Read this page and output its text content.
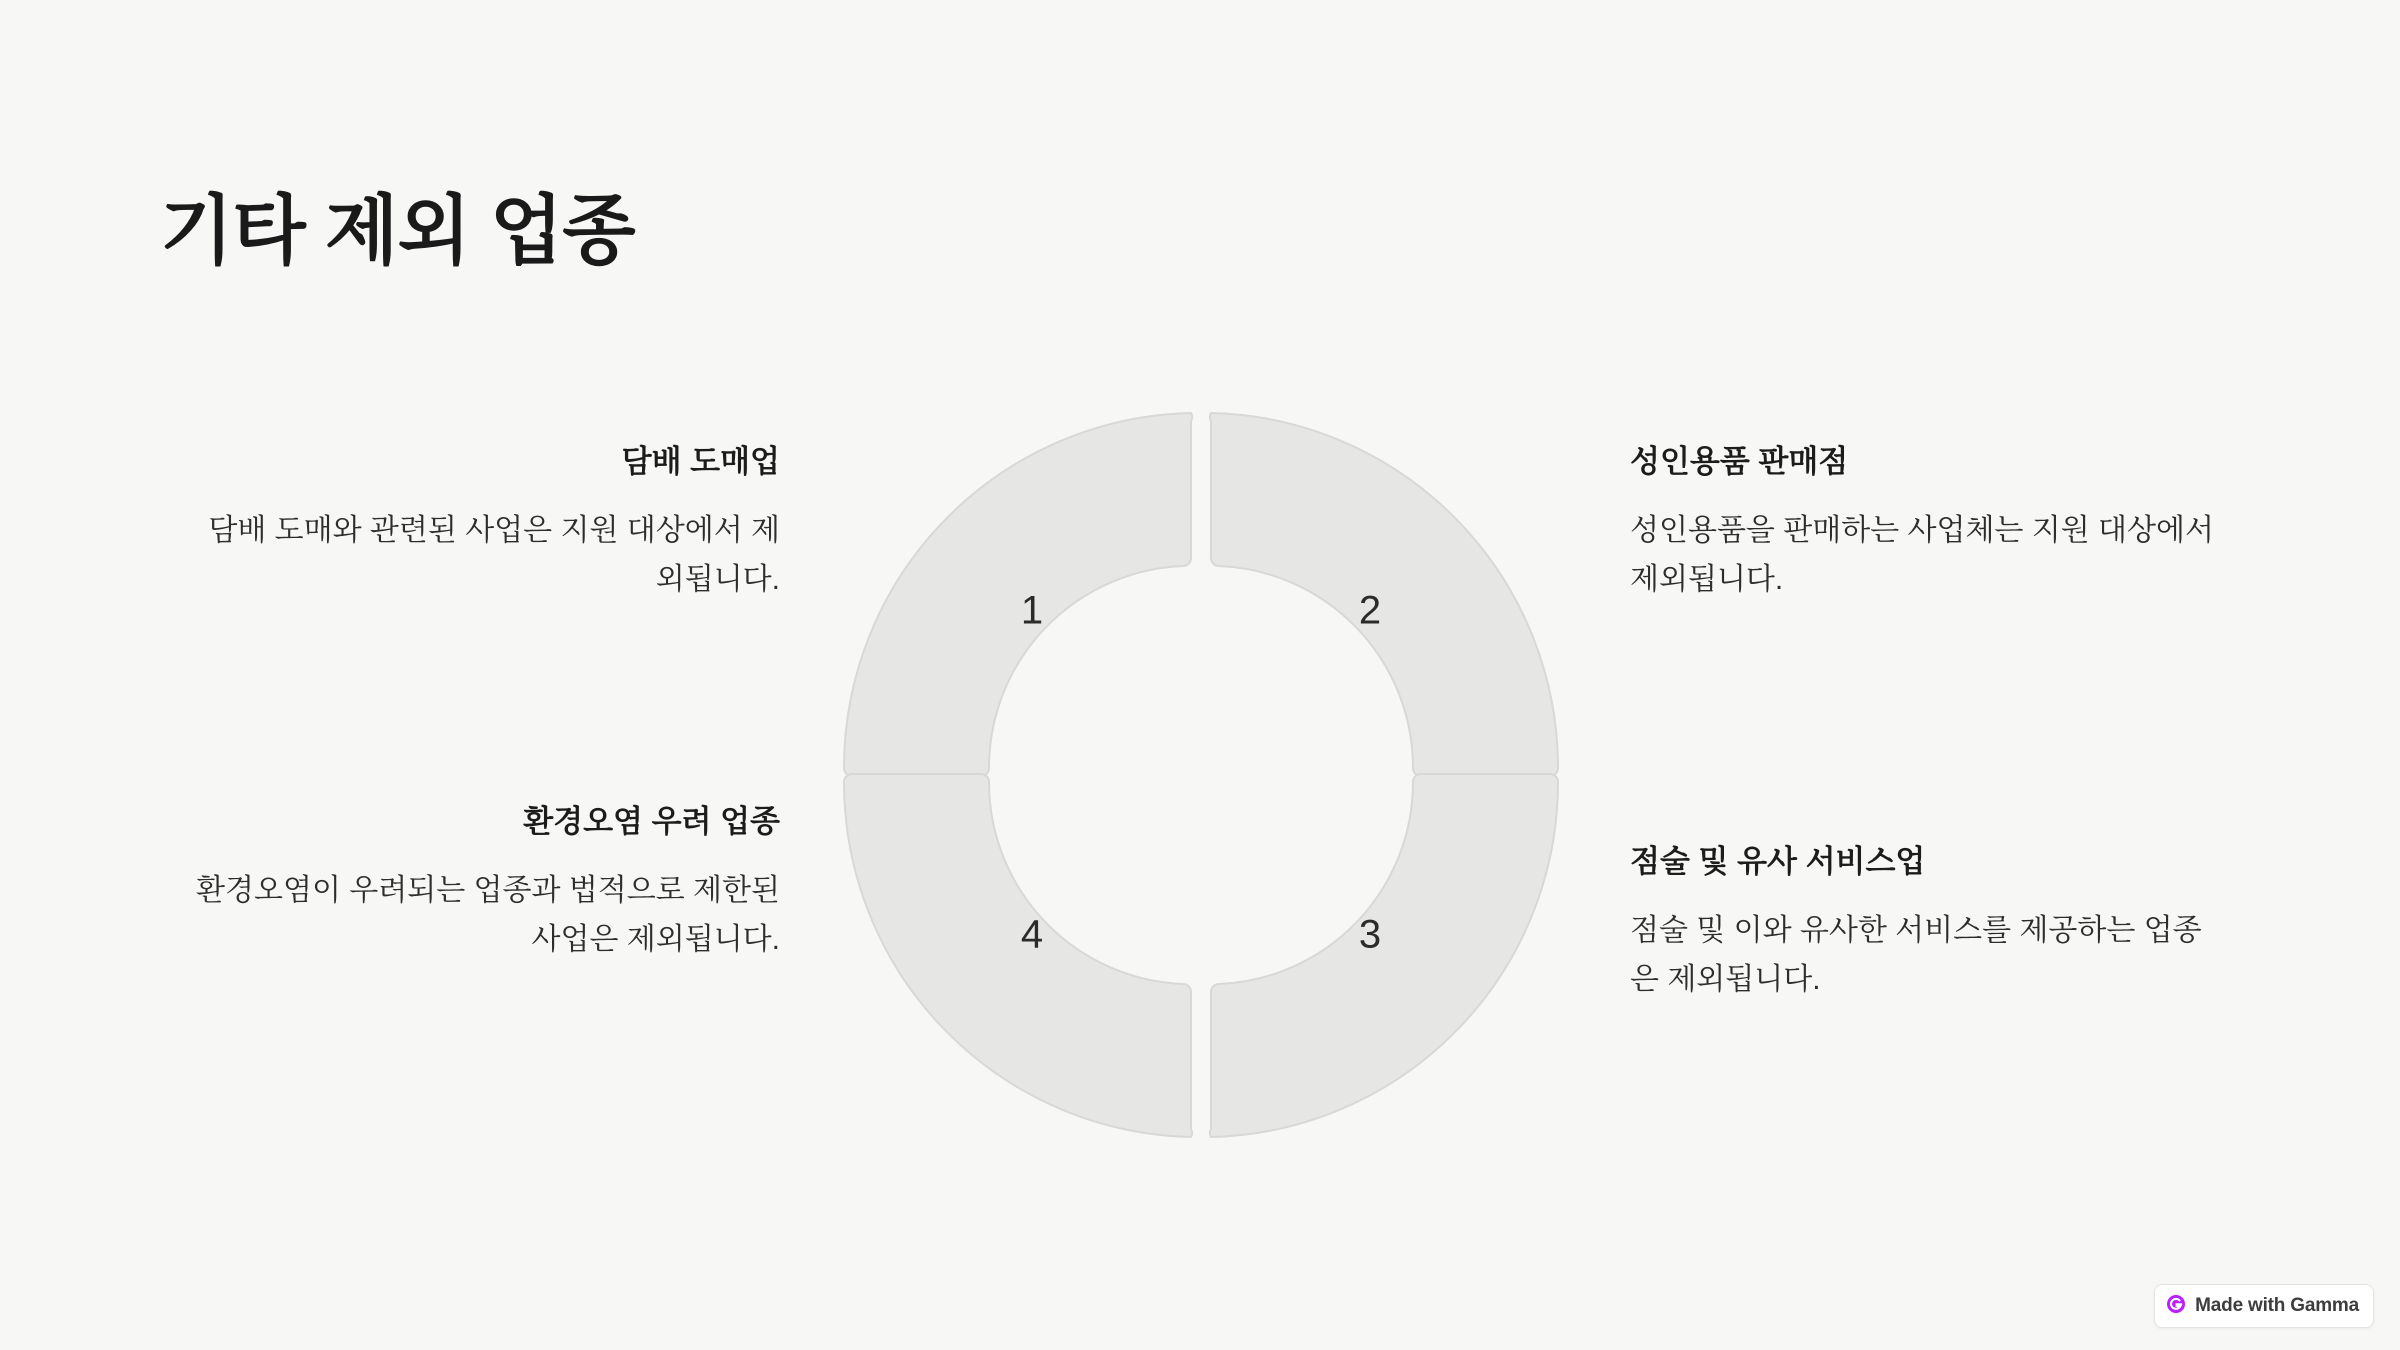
기타 제외 업종
1	2
3
4
담배 도매업
담배 도매와 관련된 사업은 지원 대상에서 제외됩니다.
환경오염 우려 업종
환경오염이 우려되는 업종과 법적으로 제한된 사업은 제외됩니다.
성인용품 판매점
성인용품을 판매하는 사업체는 지원 대상에서 제외됩니다.
점술 및 유사 서비스업
점술 및 이와 유사한 서비스를 제공하는 업종은 제외됩니다.
Made with Gamma
